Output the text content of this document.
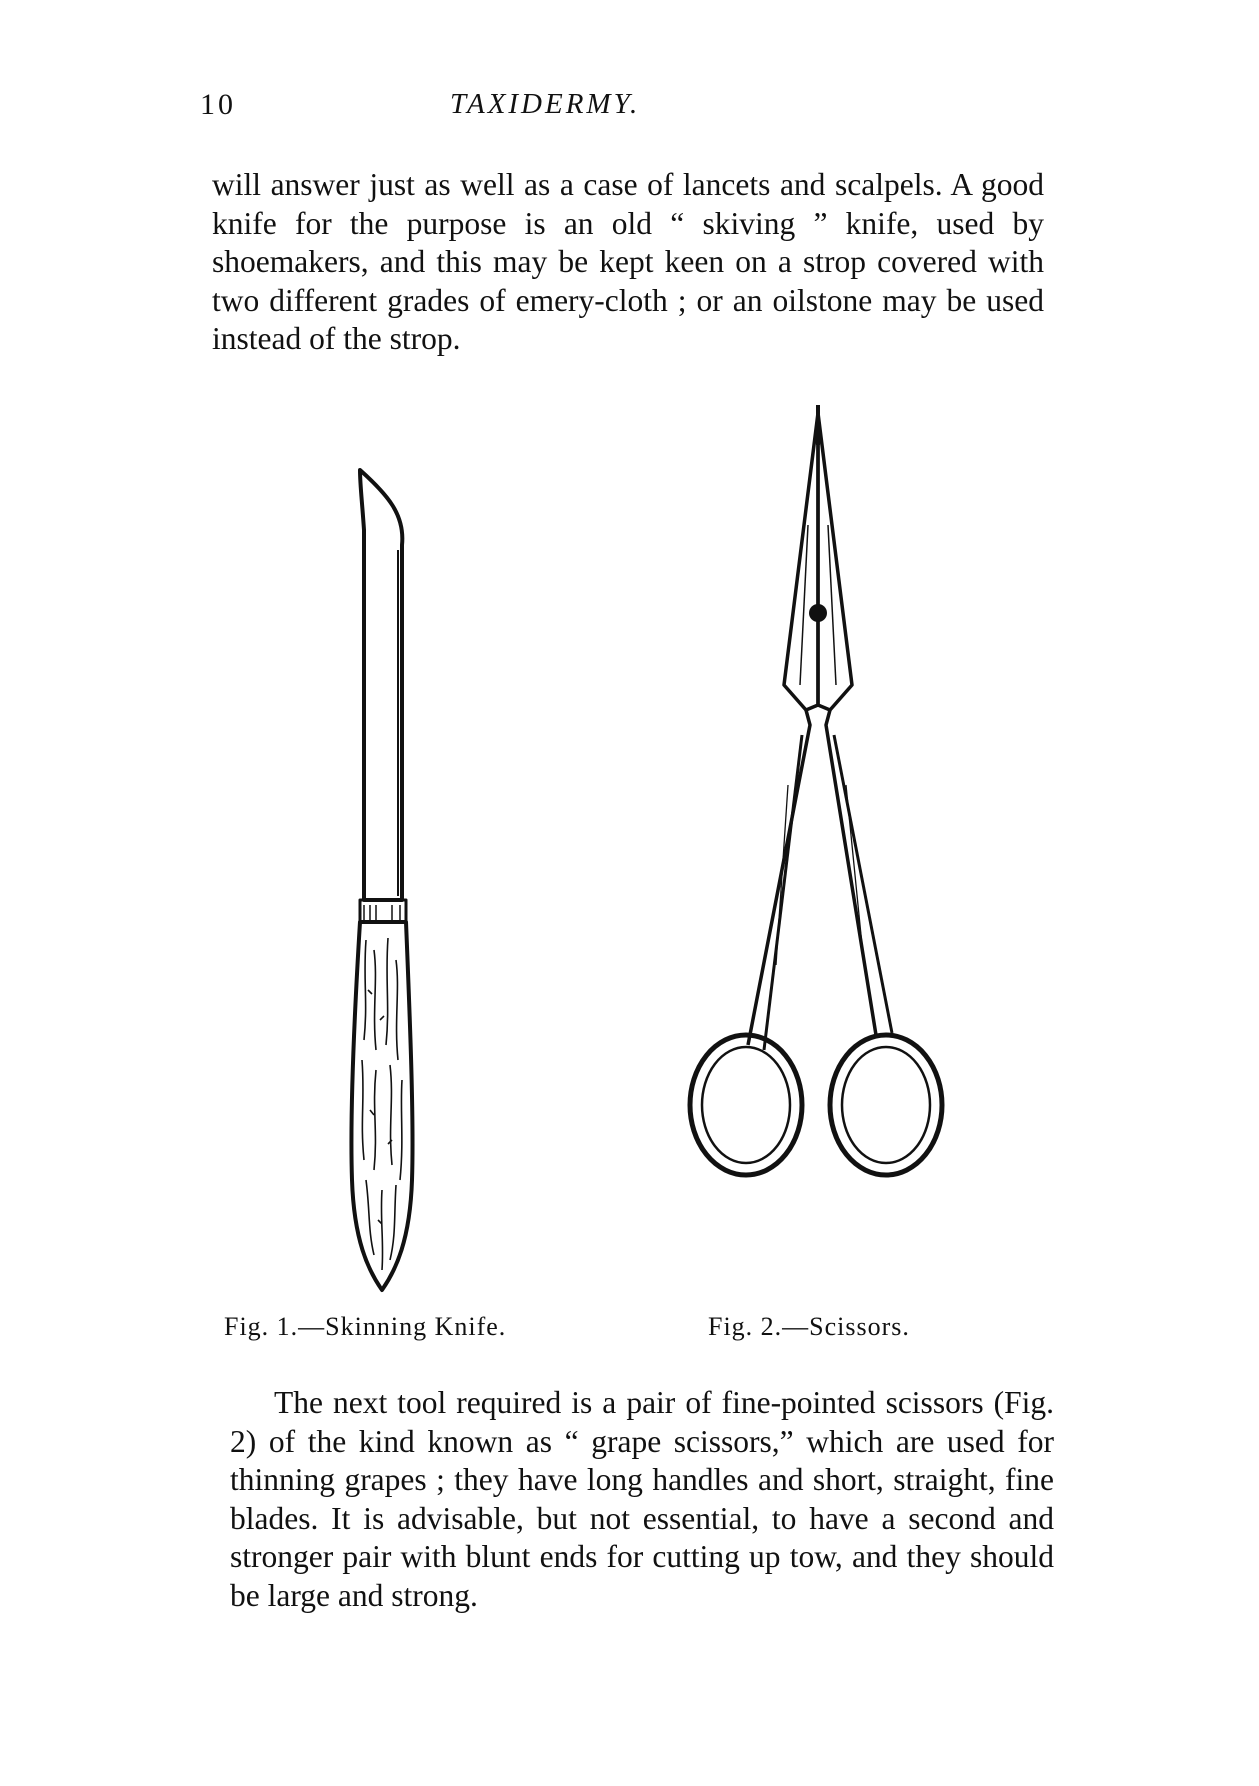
10	TAXIDERMY.

will answer just as well as a case of lancets and scalpels. A good knife for the purpose is an old “ skiving ” knife, used by shoemakers, and this may be kept keen on a strop covered with two different grades of emery-cloth ; or an oilstone may be used instead of the strop.

Fig. 1.—Skinning Knife.	Fig. 2.—Scissors.

The next tool required is a pair of fine-pointed scissors (Fig. 2) of the kind known as “ grape scissors,” which are used for thinning grapes ; they have long handles and short, straight, fine blades. It is advisable, but not essential, to have a second and stronger pair with blunt ends for cutting up tow, and they should be large and strong.
